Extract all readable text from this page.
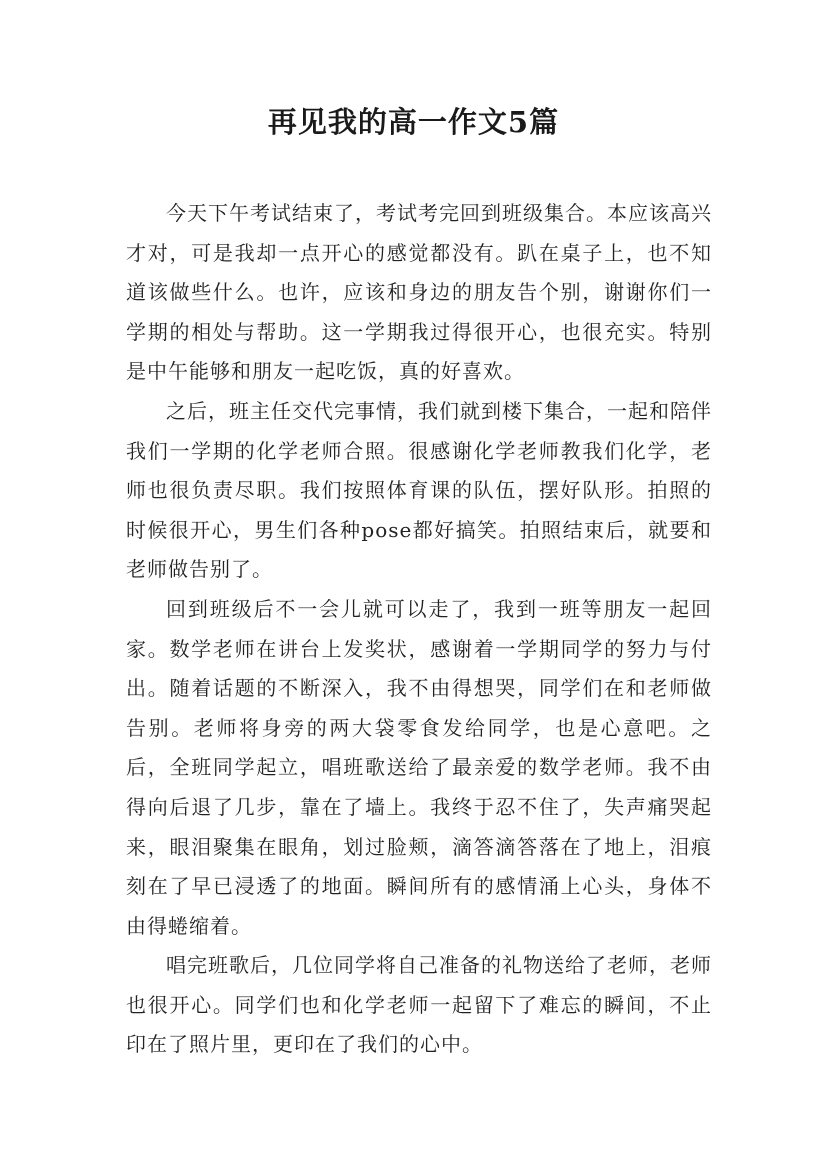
再见我的高一作文5篇

今天下午考试结束了，考试考完回到班级集合。本应该高兴才对，可是我却一点开心的感觉都没有。趴在桌子上，也不知道该做些什么。也许，应该和身边的朋友告个别，谢谢你们一学期的相处与帮助。这一学期我过得很开心，也很充实。特别是中午能够和朋友一起吃饭，真的好喜欢。

之后，班主任交代完事情，我们就到楼下集合，一起和陪伴我们一学期的化学老师合照。很感谢化学老师教我们化学，老师也很负责尽职。我们按照体育课的队伍，摆好队形。拍照的时候很开心，男生们各种pose都好搞笑。拍照结束后，就要和老师做告别了。

回到班级后不一会儿就可以走了，我到一班等朋友一起回家。数学老师在讲台上发奖状，感谢着一学期同学的努力与付出。随着话题的不断深入，我不由得想哭，同学们在和老师做告别。老师将身旁的两大袋零食发给同学，也是心意吧。之后，全班同学起立，唱班歌送给了最亲爱的数学老师。我不由得向后退了几步，靠在了墙上。我终于忍不住了，失声痛哭起来，眼泪聚集在眼角，划过脸颊，滴答滴答落在了地上，泪痕刻在了早已浸透了的地面。瞬间所有的感情涌上心头，身体不由得蜷缩着。

唱完班歌后，几位同学将自己准备的礼物送给了老师，老师也很开心。同学们也和化学老师一起留下了难忘的瞬间，不止印在了照片里，更印在了我们的心中。
